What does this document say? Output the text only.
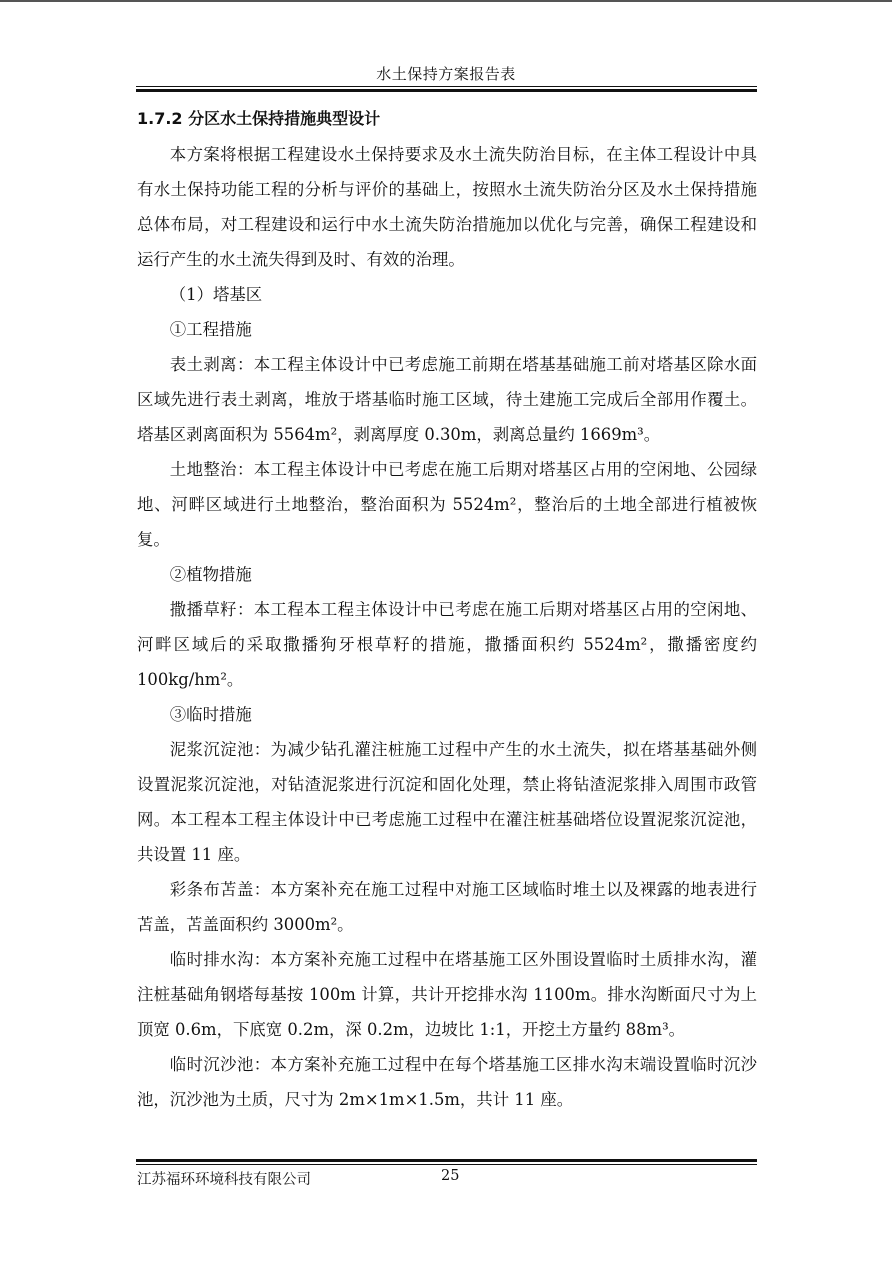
水土保持方案报告表
1.7.2 分区水土保持措施典型设计

本方案将根据工程建设水土保持要求及水土流失防治目标，在主体工程设计中具有水土保持功能工程的分析与评价的基础上，按照水土流失防治分区及水土保持措施总体布局，对工程建设和运行中水土流失防治措施加以优化与完善，确保工程建设和运行产生的水土流失得到及时、有效的治理。

（1）塔基区

①工程措施

表土剥离：本工程主体设计中已考虑施工前期在塔基基础施工前对塔基区除水面区域先进行表土剥离，堆放于塔基临时施工区域，待土建施工完成后全部用作覆土。塔基区剥离面积为 5564m²，剥离厚度 0.30m，剥离总量约 1669m³。

土地整治：本工程主体设计中已考虑在施工后期对塔基区占用的空闲地、公园绿地、河畔区域进行土地整治，整治面积为 5524m²，整治后的土地全部进行植被恢复。

②植物措施

撒播草籽：本工程本工程主体设计中已考虑在施工后期对塔基区占用的空闲地、河畔区域后的采取撒播狗牙根草籽的措施，撒播面积约 5524m²，撒播密度约 100kg/hm²。

③临时措施

泥浆沉淀池：为减少钻孔灌注桩施工过程中产生的水土流失，拟在塔基基础外侧设置泥浆沉淀池，对钻渣泥浆进行沉淀和固化处理，禁止将钻渣泥浆排入周围市政管网。本工程本工程主体设计中已考虑施工过程中在灌注桩基础塔位设置泥浆沉淀池，共设置 11 座。

彩条布苫盖：本方案补充在施工过程中对施工区域临时堆土以及裸露的地表进行苫盖，苫盖面积约 3000m²。

临时排水沟：本方案补充施工过程中在塔基施工区外围设置临时土质排水沟，灌注桩基础角钢塔每基按 100m 计算，共计开挖排水沟 1100m。排水沟断面尺寸为上顶宽 0.6m，下底宽 0.2m，深 0.2m，边坡比 1:1，开挖土方量约 88m³。

临时沉沙池：本方案补充施工过程中在每个塔基施工区排水沟末端设置临时沉沙池，沉沙池为土质，尺寸为 2m×1m×1.5m，共计 11 座。

江苏福环环境科技有限公司	25
